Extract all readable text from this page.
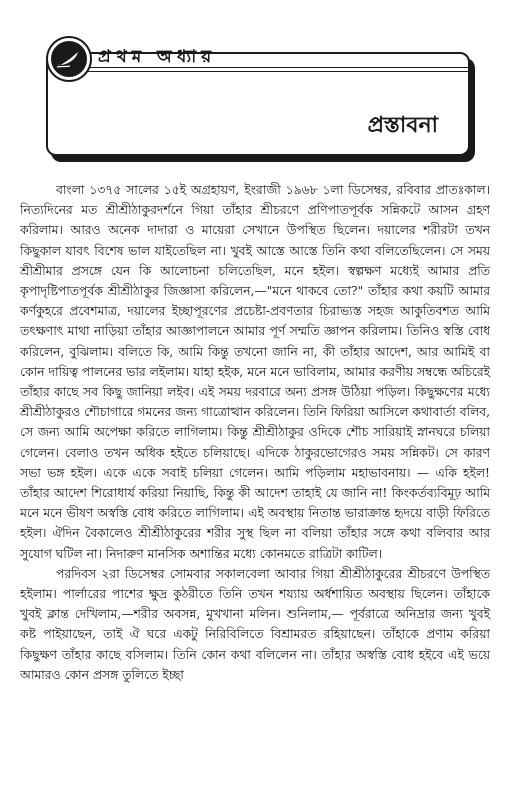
প্রথম অধ্যায়
প্রস্তাবনা

বাংলা ১৩৭৫ সালের ১৫ই অগ্রহায়ণ, ইংরাজী ১৯৬৮ ১লা ডিসেম্বর, রবিবার প্রাতঃকাল। নিত্যদিনের মত শ্রীশ্রীঠাকুরদর্শনে গিয়া তাঁহার শ্রীচরণে প্রণিপাতপূর্বক সন্নিকটে আসন গ্রহণ করিলাম। আরও অনেক দাদারা ও মায়েরা সেখানে উপস্থিত ছিলেন। দয়ালের শরীরটা তখন কিছুকাল যাবৎ বিশেষ ভাল যাইতেছিল না। খুবই আস্তে আস্তে তিনি কথা বলিতেছিলেন। সে সময় শ্রীশ্রীমার প্রসঙ্গে যেন কি আলোচনা চলিতেছিল, মনে হইল। স্বল্পক্ষণ মধ্যেই আমার প্রতি কৃপাদৃষ্টিপাতপূর্বক শ্রীশ্রীঠাকুর জিজ্ঞাসা করিলেন,—"মনে থাকবে তো?" তাঁহার কথা কয়টি আমার কর্ণকুহরে প্রবেশমাত্র, দয়ালের ইচ্ছাপূরণের প্রচেষ্টা-প্রবণতার চিরাভ্যস্ত সহজ আকুতিবশত আমি তৎক্ষণাৎ মাথা নাড়িয়া তাঁহার আজ্ঞাপালনে আমার পূর্ণ সম্মতি জ্ঞাপন করিলাম। তিনিও স্বস্তি বোধ করিলেন, বুঝিলাম। বলিতে কি, আমি কিন্তু তখনো জানি না, কী তাঁহার আদেশ, আর আমিই বা কোন দায়িত্ব পালনের ভার লইলাম। যাহা হইক, মনে মনে ভাবিলাম, আমার করণীয় সম্বন্ধে অচিরেই তাঁহার কাছে সব কিছু জানিয়া লইব। এই সময় দরবারে অন্য প্রসঙ্গ উঠিয়া পড়িল। কিছুক্ষণের মধ্যে শ্রীশ্রীঠাকুরও শৌচাগারে গমনের জন্য গাত্রোত্থান করিলেন। তিনি ফিরিয়া আসিলে কথাবার্তা বলিব, সে জন্য আমি অপেক্ষা করিতে লাগিলাম। কিন্তু শ্রীশ্রীঠাকুর ওদিকে শৌচ সারিয়াই স্নানঘরে চলিয়া গেলেন। বেলাও তখন অধিক হইতে চলিয়াছে। এদিকে ঠাকুরভোগেরও সময় সন্নিকট। সে কারণ সভা ভঙ্গ হইল। একে একে সবাই চলিয়া গেলেন। আমি পড়িলাম মহাভাবনায়। — একি হইল! তাঁহার আদেশ শিরোধার্য করিয়া নিয়াছি, কিন্তু কী আদেশ তাহাই যে জানি না! কিংকর্তব্যবিমূঢ় আমি মনে মনে ভীষণ অস্বস্তি বোধ করিতে লাগিলাম। এই অবস্থায় নিতান্ত ভারাক্রান্ত হৃদয়ে বাড়ী ফিরিতে হইল। ঐদিন বৈকালেও শ্রীশ্রীঠাকুরের শরীর সুস্থ ছিল না বলিয়া তাঁহার সঙ্গে কথা বলিবার আর সুযোগ ঘটিল না। নিদারুণ মানসিক অশান্তির মধ্যে কোনমতে রাত্রিটা কাটিল।

পরদিবস ২রা ডিসেম্বর সোমবার সকালবেলা আবার গিয়া শ্রীশ্রীঠাকুরের শ্রীচরণে উপস্থিত হইলাম। পার্লারের পাশের ক্ষুদ্র কুঠরীতে তিনি তখন শয্যায় অর্ধশায়িত অবস্থায় ছিলেন। তাঁহাকে খুবই ক্লান্ত দেখিলাম,—শরীর অবসন্ন, মুখখানা মলিন। শুনিলাম,— পূর্বরাত্রে অনিদ্রার জন্য খুবই কষ্ট পাইয়াছেন, তাই ঐ ঘরে একটু নিরিবিলিতে বিশ্রামরত রহিয়াছেন। তাঁহাকে প্রণাম করিয়া কিছুক্ষণ তাঁহার কাছে বসিলাম। তিনি কোন কথা বলিলেন না। তাঁহার অস্বস্তি বোধ হইবে এই ভয়ে আমারও কোন প্রসঙ্গ তুলিতে ইচ্ছা
